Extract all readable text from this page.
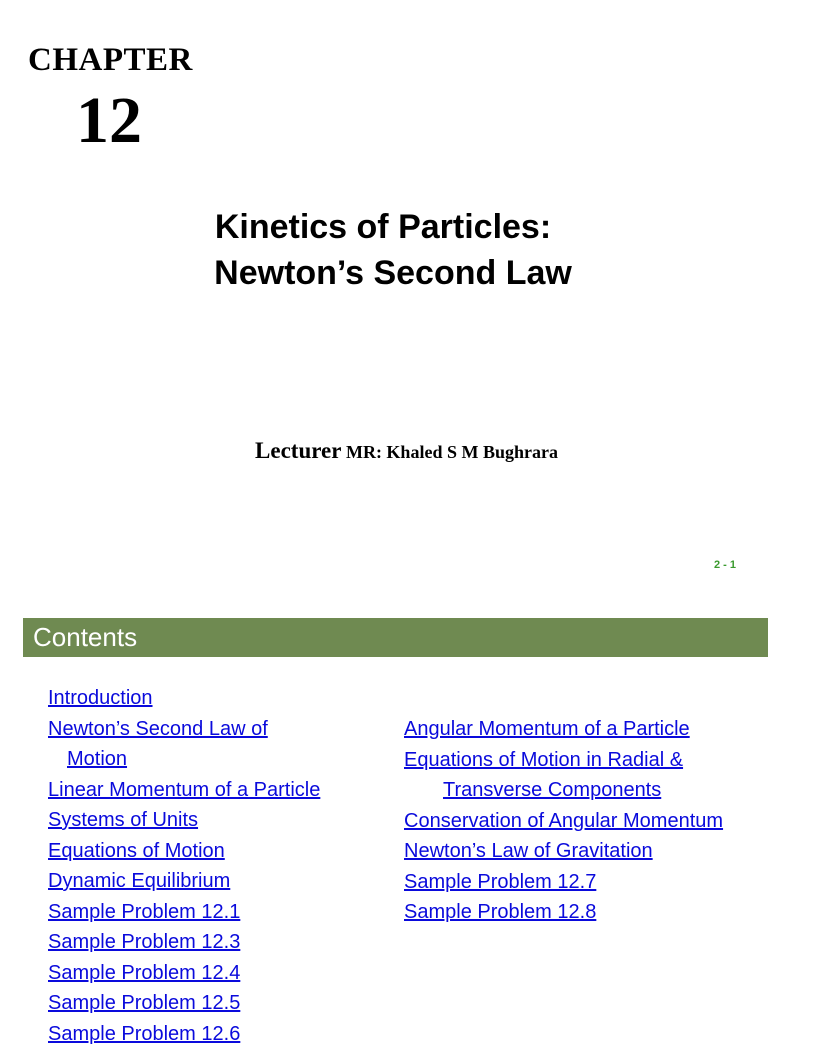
CHAPTER
12
Kinetics of Particles:
Newton’s Second Law
Lecturer MR: Khaled S M Bughrara
2 - 1
Contents
Introduction
Newton’s Second Law of
Motion
Linear Momentum of a Particle
Systems of Units
Equations of Motion
Dynamic Equilibrium
Sample Problem 12.1
Sample Problem 12.3
Sample Problem 12.4
Sample Problem 12.5
Sample Problem 12.6
Angular Momentum of a Particle
Equations of Motion in Radial &
Transverse Components
Conservation of Angular Momentum
Newton’s Law of Gravitation
Sample Problem 12.7
Sample Problem 12.8
